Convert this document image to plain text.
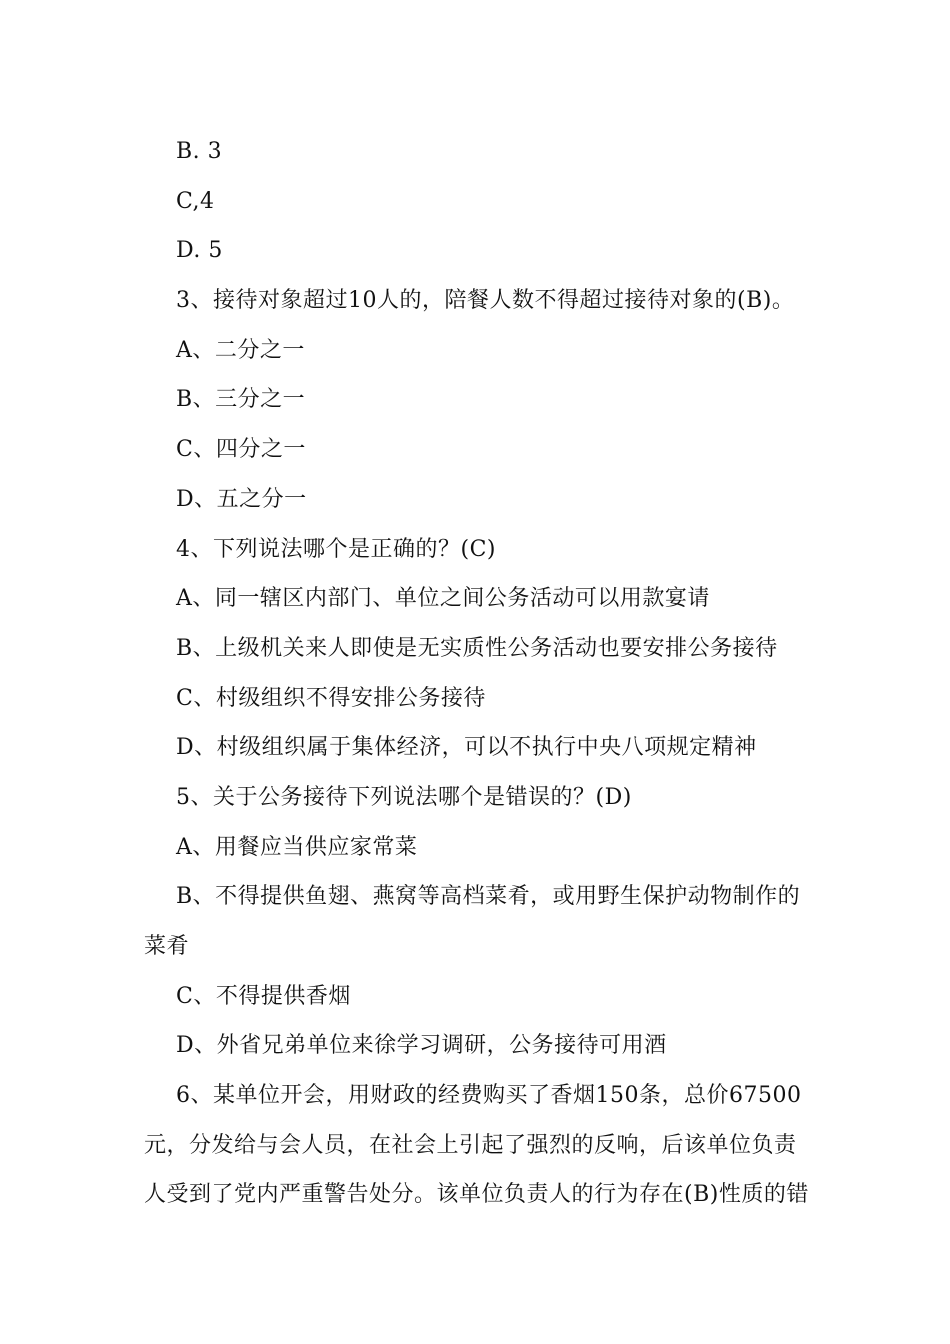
B. 3
C,4
D. 5
3、接待对象超过10人的，陪餐人数不得超过接待对象的(B)。
A、二分之一
B、三分之一
C、四分之一
D、五之分一
4、下列说法哪个是正确的？(C)
A、同一辖区内部门、单位之间公务活动可以用款宴请
B、上级机关来人即使是无实质性公务活动也要安排公务接待
C、村级组织不得安排公务接待
D、村级组织属于集体经济，可以不执行中央八项规定精神
5、关于公务接待下列说法哪个是错误的？(D)
A、用餐应当供应家常菜
B、不得提供鱼翅、燕窝等高档菜肴，或用野生保护动物制作的
菜肴
C、不得提供香烟
D、外省兄弟单位来徐学习调研，公务接待可用酒
6、某单位开会，用财政的经费购买了香烟150条，总价67500
元，分发给与会人员，在社会上引起了强烈的反响，后该单位负责
人受到了党内严重警告处分。该单位负责人的行为存在(B)性质的错
